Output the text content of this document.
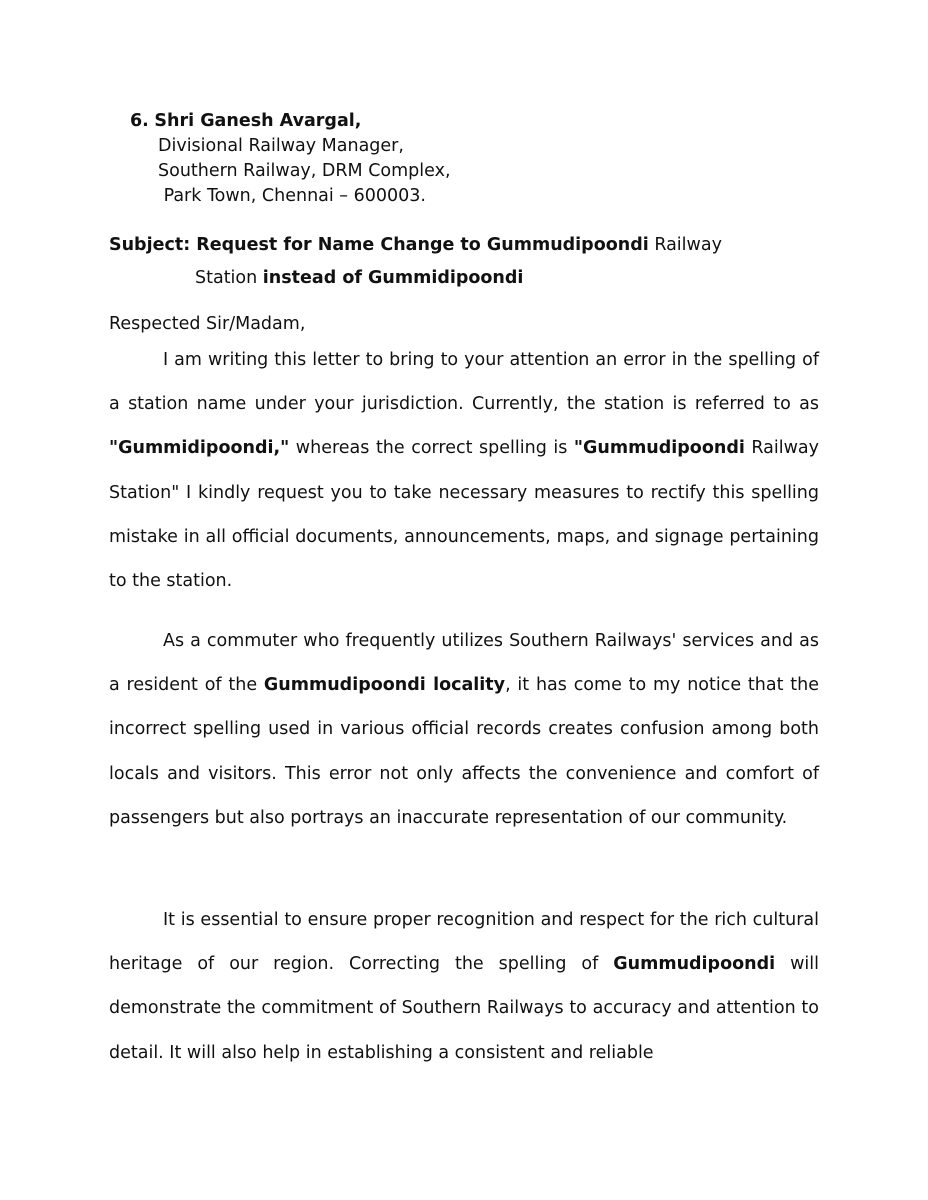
6. Shri Ganesh Avargal,
Divisional Railway Manager,
Southern Railway, DRM Complex,
Park Town, Chennai – 600003.
Subject: Request for Name Change to Gummudipoondi Railway
Station instead of Gummidipoondi
Respected Sir/Madam,

I am writing this letter to bring to your attention an error in the spelling of a station name under your jurisdiction. Currently, the station is referred to as "Gummidipoondi," whereas the correct spelling is "Gummudipoondi Railway Station" I kindly request you to take necessary measures to rectify this spelling mistake in all official documents, announcements, maps, and signage pertaining to the station.

As a commuter who frequently utilizes Southern Railways' services and as a resident of the Gummudipoondi locality, it has come to my notice that the incorrect spelling used in various official records creates confusion among both locals and visitors. This error not only affects the convenience and comfort of passengers but also portrays an inaccurate representation of our community.

It is essential to ensure proper recognition and respect for the rich cultural heritage of our region. Correcting the spelling of Gummudipoondi will demonstrate the commitment of Southern Railways to accuracy and attention to detail. It will also help in establishing a consistent and reliable
